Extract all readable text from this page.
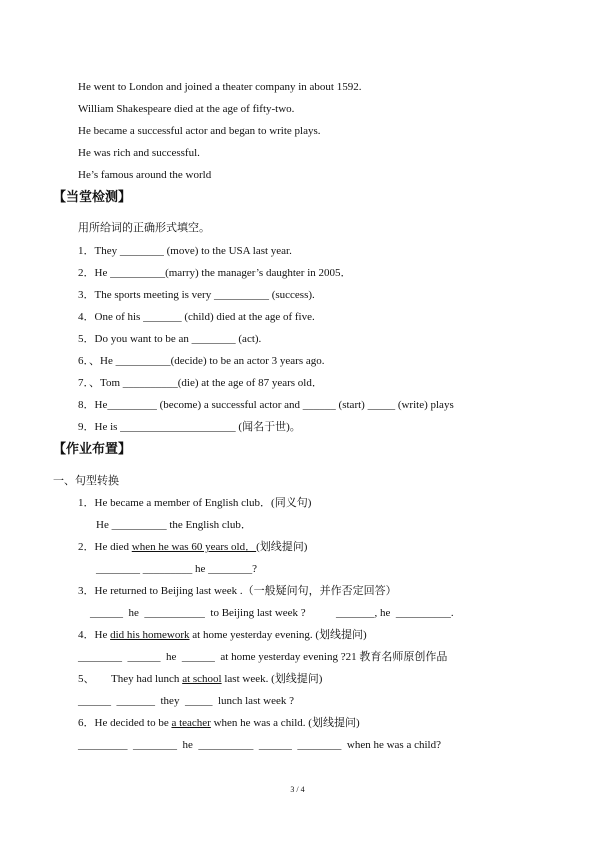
He went to London and joined a theater company in about 1592.
William Shakespeare died at the age of fifty-two.
He became a successful actor and began to write plays.
He was rich and successful.
He’s famous around the world
【当堂检测】
用所给词的正确形式填空。
1．They ________ (move) to the USA last year.
2．He __________(marry) the manager’s daughter in 2005．
3．The sports meeting is very __________ (success).
4．One of his _______ (child) died at the age of five.
5．Do you want to be an ________ (act).
6．、He __________(decide) to be an actor 3 years ago.
7．、Tom __________(die) at the age of 87 years old．
8．He_________ (become) a successful actor and ______ (start) _____ (write) plays
9．He is _____________________ (闻名于世)。
【作业布置】
一、句型转换
1．He became a member of English club．(同义句)
He __________ the English club．
2．He died when he was 60 years old．(划线提问)
________ _________ he ________?
3．He returned to Beijing last week .（一般疑问句，并作否定回答）
______  he  ___________  to Beijing last week ?           _______, he  __________.
4．He did his homework at home yesterday evening. (划线提问)
________  ______  he  ______  at home yesterday evening ?21 教育名师原创作品
5、      They had lunch at school last week. (划线提问)
______  _______  they  _____  lunch last week ?
6．He decided to be a teacher when he was a child. (划线提问)
_________  ________  he  __________  ______  ________  when he was a child?
3 / 4
